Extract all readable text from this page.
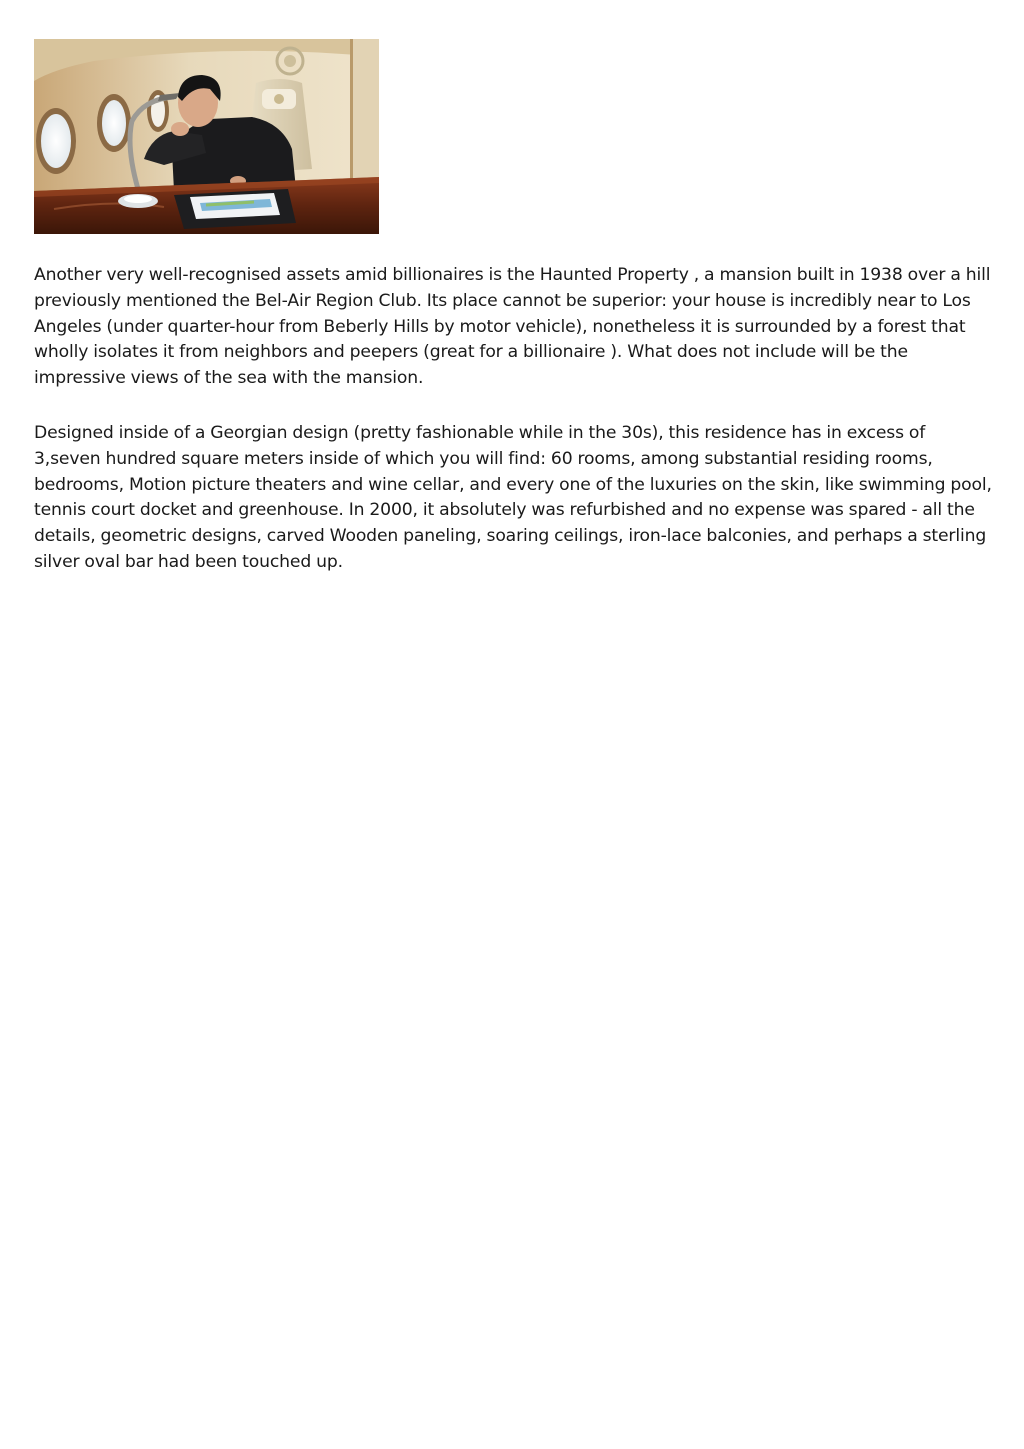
Another very well-recognised assets amid billionaires is the Haunted Property , a mansion built in 1938 over a hill previously mentioned the Bel-Air Region Club. Its place cannot be superior: your house is incredibly near to Los Angeles (under quarter-hour from Beberly Hills by motor vehicle), nonetheless it is surrounded by a forest that wholly isolates it from neighbors and peepers (great for a billionaire ). What does not include will be the impressive views of the sea with the mansion.

Designed inside of a Georgian design (pretty fashionable while in the 30s), this residence has in excess of 3,seven hundred square meters inside of which you will find: 60 rooms, among substantial residing rooms, bedrooms, Motion picture theaters and wine cellar, and every one of the luxuries on the skin, like swimming pool, tennis court docket and greenhouse. In 2000, it absolutely was refurbished and no expense was spared - all the details, geometric designs, carved Wooden paneling, soaring ceilings, iron-lace balconies, and perhaps a sterling silver oval bar had been touched up.
